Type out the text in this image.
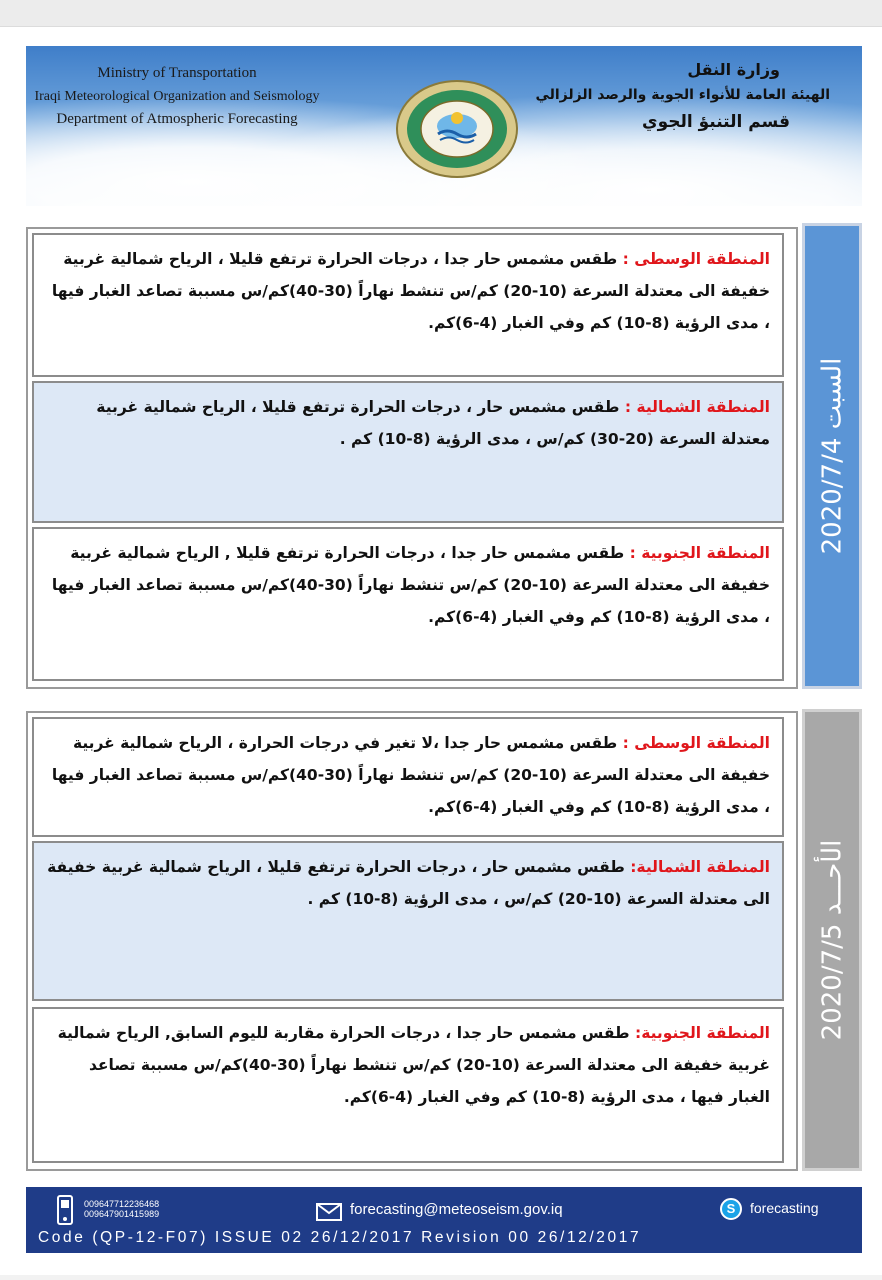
Ministry of Transportation
Iraqi Meteorological Organization and Seismology
Department of Atmospheric Forecasting
وزارة النقل
الهيئة العامة للأنواء الجوية والرصد الزلزالي
قسم التنبؤ الجوي
المنطقة الوسطى : طقس مشمس حار جدا ، درجات الحرارة ترتفع قليلا ، الرياح شمالية غربية خفيفة الى معتدلة السرعة (10-20) كم/س تنشط نهاراً (30-40)كم/س مسببة تصاعد الغبار فيها ، مدى الرؤية (8-10) كم وفي الغبار (4-6)كم.
المنطقة الشمالية : طقس مشمس حار ، درجات الحرارة ترتفع قليلا ، الرياح شمالية غربية معتدلة السرعة (20-30) كم/س ، مدى الرؤية (8-10) كم .
المنطقة الجنوبية : طقس مشمس حار جدا ، درجات الحرارة ترتفع قليلا , الرياح شمالية غربية خفيفة الى معتدلة السرعة (10-20) كم/س تنشط نهاراً (30-40)كم/س مسببة تصاعد الغبار فيها ، مدى الرؤية (8-10) كم وفي الغبار (4-6)كم.
السبت 2020/7/4
المنطقة الوسطى : طقس مشمس حار جدا ،لا تغير في درجات الحرارة ، الرياح شمالية غربية خفيفة الى معتدلة السرعة (10-20) كم/س تنشط نهاراً (30-40)كم/س مسببة تصاعد الغبار فيها ، مدى الرؤية (8-10) كم وفي الغبار (4-6)كم.
المنطقة الشمالية: طقس مشمس حار ، درجات الحرارة ترتفع قليلا ، الرياح شمالية غربية خفيفة الى معتدلة السرعة (10-20) كم/س ، مدى الرؤية (8-10) كم .
المنطقة الجنوبية: طقس مشمس حار جدا ، درجات الحرارة مقاربة لليوم السابق, الرياح شمالية غربية خفيفة الى معتدلة السرعة (10-20) كم/س تنشط نهاراً (30-40)كم/س مسببة تصاعد الغبار فيها ، مدى الرؤية (8-10) كم وفي الغبار (4-6)كم.
الأحـــد 2020/7/5
009647712236468
009647901415989	forecasting@meteoseism.gov.iq	S	forecasting
Code (QP-12-F07) ISSUE 02 26/12/2017 Revision 00 26/12/2017
